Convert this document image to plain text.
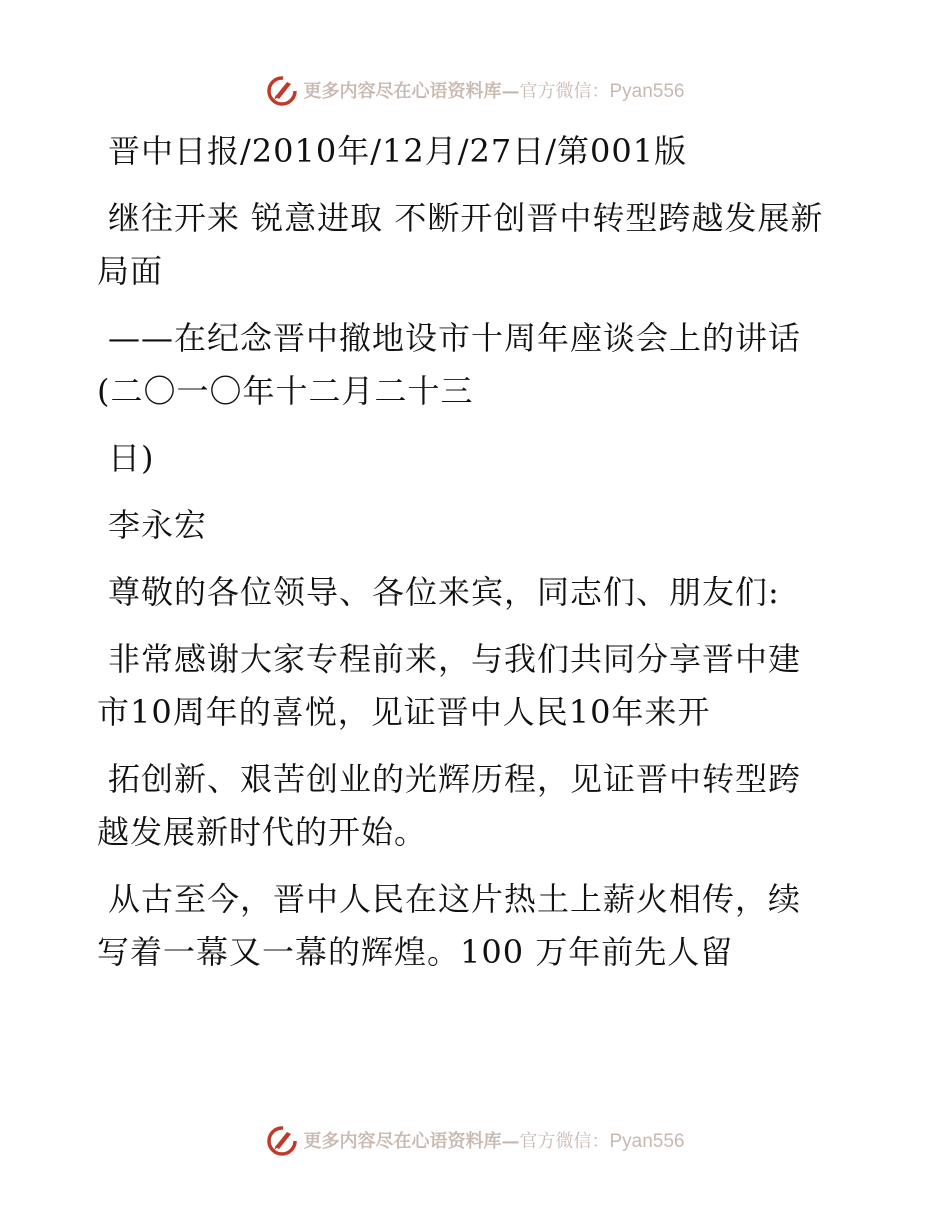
更多内容尽在心语资料库— 官方微信： Pyan556

晋中日报/2010年/12月/27日/第001版

继往开来 锐意进取 不断开创晋中转型跨越发展新局面

——在纪念晋中撤地设市十周年座谈会上的讲话(二〇一〇年十二月二十三

日)

李永宏

尊敬的各位领导、各位来宾，同志们、朋友们:

非常感谢大家专程前来，与我们共同分享晋中建市10周年的喜悦，见证晋中人民10年来开

拓创新、艰苦创业的光辉历程，见证晋中转型跨越发展新时代的开始。

从古至今，晋中人民在这片热土上薪火相传，续写着一幕又一幕的辉煌。100 万年前先人留

更多内容尽在心语资料库— 官方微信： Pyan556
